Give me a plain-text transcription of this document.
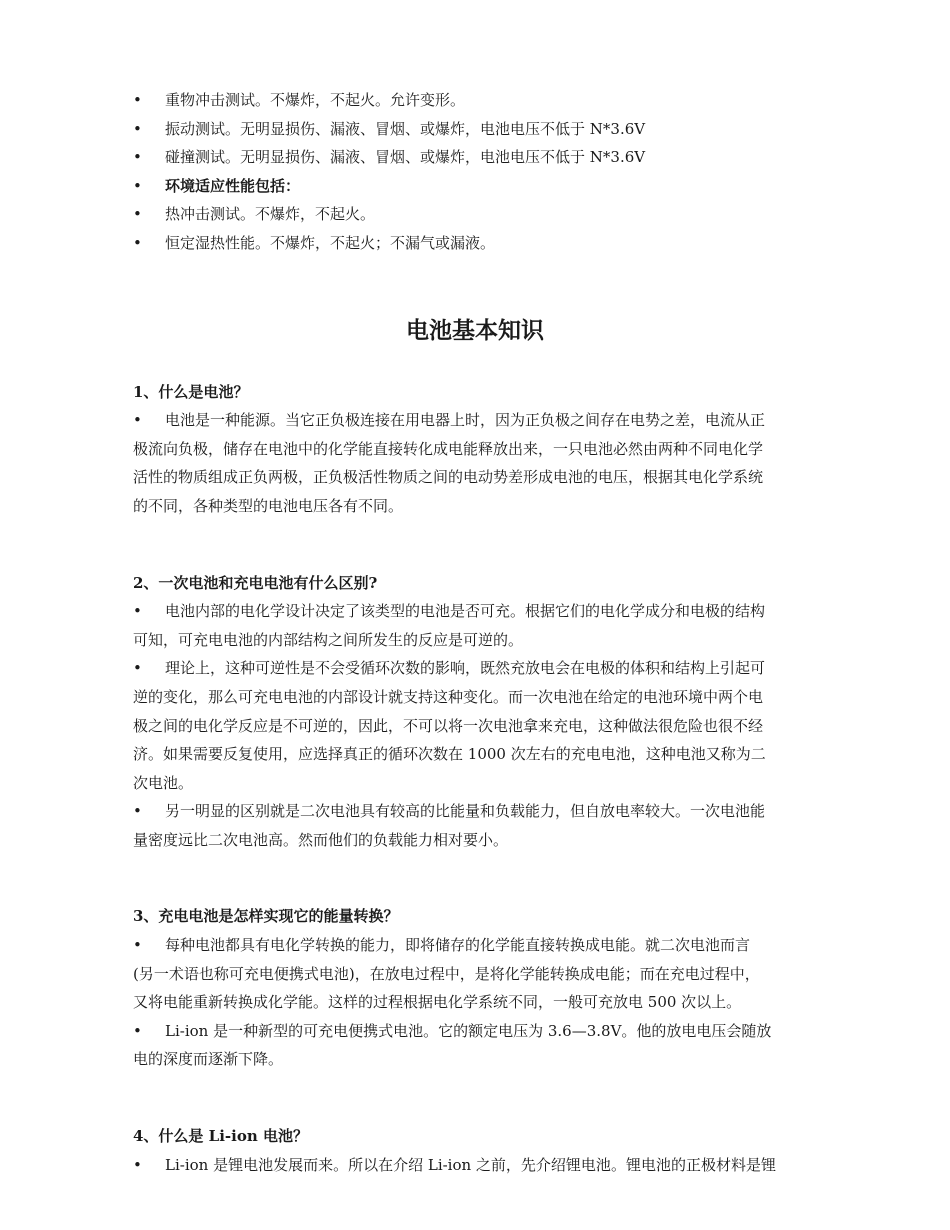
•	重物冲击测试。不爆炸，不起火。允许变形。
•	振动测试。无明显损伤、漏液、冒烟、或爆炸，电池电压不低于 N*3.6V
•	碰撞测试。无明显损伤、漏液、冒烟、或爆炸，电池电压不低于 N*3.6V
•	环境适应性能包括：
•	热冲击测试。不爆炸，不起火。
•	恒定湿热性能。不爆炸，不起火；不漏气或漏液。
电池基本知识
1、什么是电池？
• 电池是一种能源。当它正负极连接在用电器上时，因为正负极之间存在电势之差，电流从正
极流向负极，储存在电池中的化学能直接转化成电能释放出来，一只电池必然由两种不同电化学
活性的物质组成正负两极，正负极活性物质之间的电动势差形成电池的电压，根据其电化学系统
的不同，各种类型的电池电压各有不同。
2、一次电池和充电电池有什么区别?
• 电池内部的电化学设计决定了该类型的电池是否可充。根据它们的电化学成分和电极的结构
可知，可充电电池的内部结构之间所发生的反应是可逆的。
• 理论上，这种可逆性是不会受循环次数的影响，既然充放电会在电极的体积和结构上引起可
逆的变化，那么可充电电池的内部设计就支持这种变化。而一次电池在给定的电池环境中两个电
极之间的电化学反应是不可逆的，因此，不可以将一次电池拿来充电，这种做法很危险也很不经
济。如果需要反复使用，应选择真正的循环次数在 1000 次左右的充电电池，这种电池又称为二
次电池。
• 另一明显的区别就是二次电池具有较高的比能量和负载能力，但自放电率较大。一次电池能
量密度远比二次电池高。然而他们的负载能力相对要小。
3、充电电池是怎样实现它的能量转换？
• 每种电池都具有电化学转换的能力，即将储存的化学能直接转换成电能。就二次电池而言
(另一术语也称可充电便携式电池)，在放电过程中，是将化学能转换成电能；而在充电过程中，
又将电能重新转换成化学能。这样的过程根据电化学系统不同，一般可充放电 500 次以上。
• Li-ion 是一种新型的可充电便携式电池。它的额定电压为 3.6—3.8V。他的放电电压会随放
电的深度而逐渐下降。
4、什么是 Li-ion 电池？
• Li-ion 是锂电池发展而来。所以在介绍 Li-ion 之前，先介绍锂电池。锂电池的正极材料是锂
